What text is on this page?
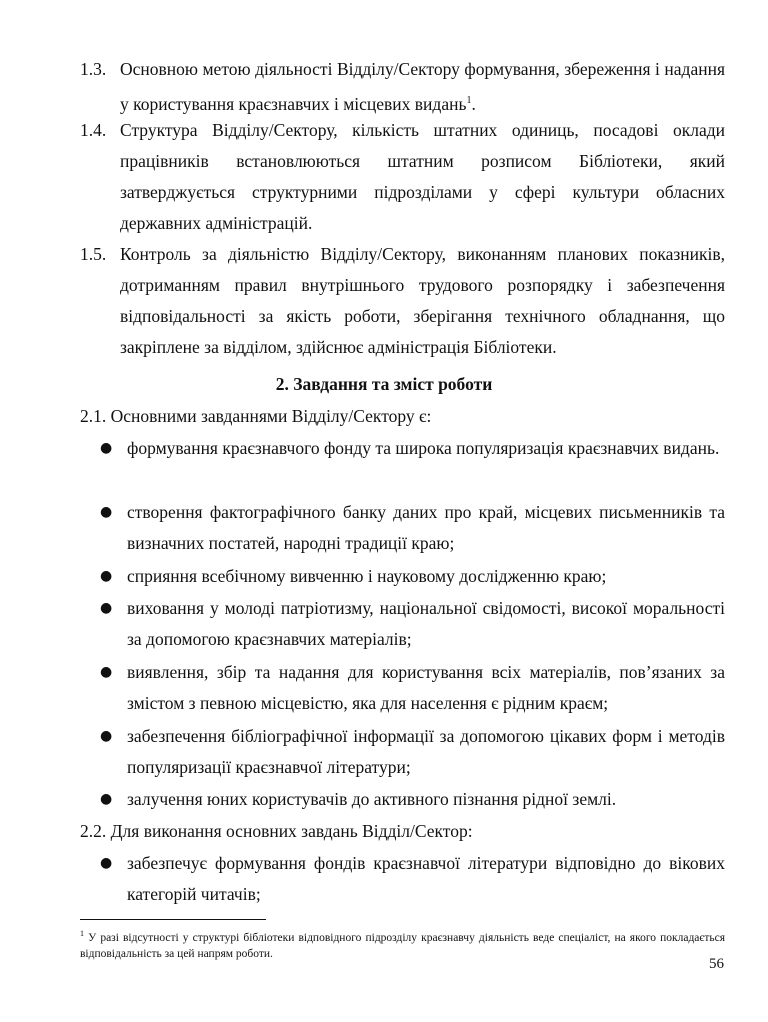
1.3. Основною метою діяльності Відділу/Сектору формування, збереження і надання у користування краєзнавчих і місцевих видань$^1$.
1.4. Структура Відділу/Сектору, кількість штатних одиниць, посадові оклади працівників встановлюються штатним розписом Бібліотеки, який затверджується структурними підрозділами у сфері культури обласних державних адміністрацій.
1.5. Контроль за діяльністю Відділу/Сектору, виконанням планових показників, дотриманням правил внутрішнього трудового розпорядку і забезпечення відповідальності за якість роботи, зберігання технічного обладнання, що закріплене за відділом, здійснює адміністрація Бібліотеки.
2. Завдання та зміст роботи
2.1. Основними завданнями Відділу/Сектору є:
● формування краєзнавчого фонду та широка популяризація краєзнавчих видань.
● створення фактографічного банку даних про край, місцевих письменників та визначних постатей, народні традиції краю;
● сприяння всебічному вивченню і науковому дослідженню краю;
● виховання у молоді патріотизму, національної свідомості, високої моральності за допомогою краєзнавчих матеріалів;
● виявлення, збір та надання для користування всіх матеріалів, пов’язаних за змістом з певною місцевістю, яка для населення є рідним краєм;
● забезпечення бібліографічної інформації за допомогою цікавих форм і методів популяризації краєзнавчої літератури;
● залучення юних користувачів до активного пізнання рідної землі.
2.2. Для виконання основних завдань Відділ/Сектор:
● забезпечує формування фондів краєзнавчої літератури відповідно до вікових категорій читачів;
$^1$ У разі відсутності у структурі бібліотеки відповідного підрозділу краєзнавчу діяльність веде спеціаліст, на якого покладається відповідальність за цей напрям роботи.
56
